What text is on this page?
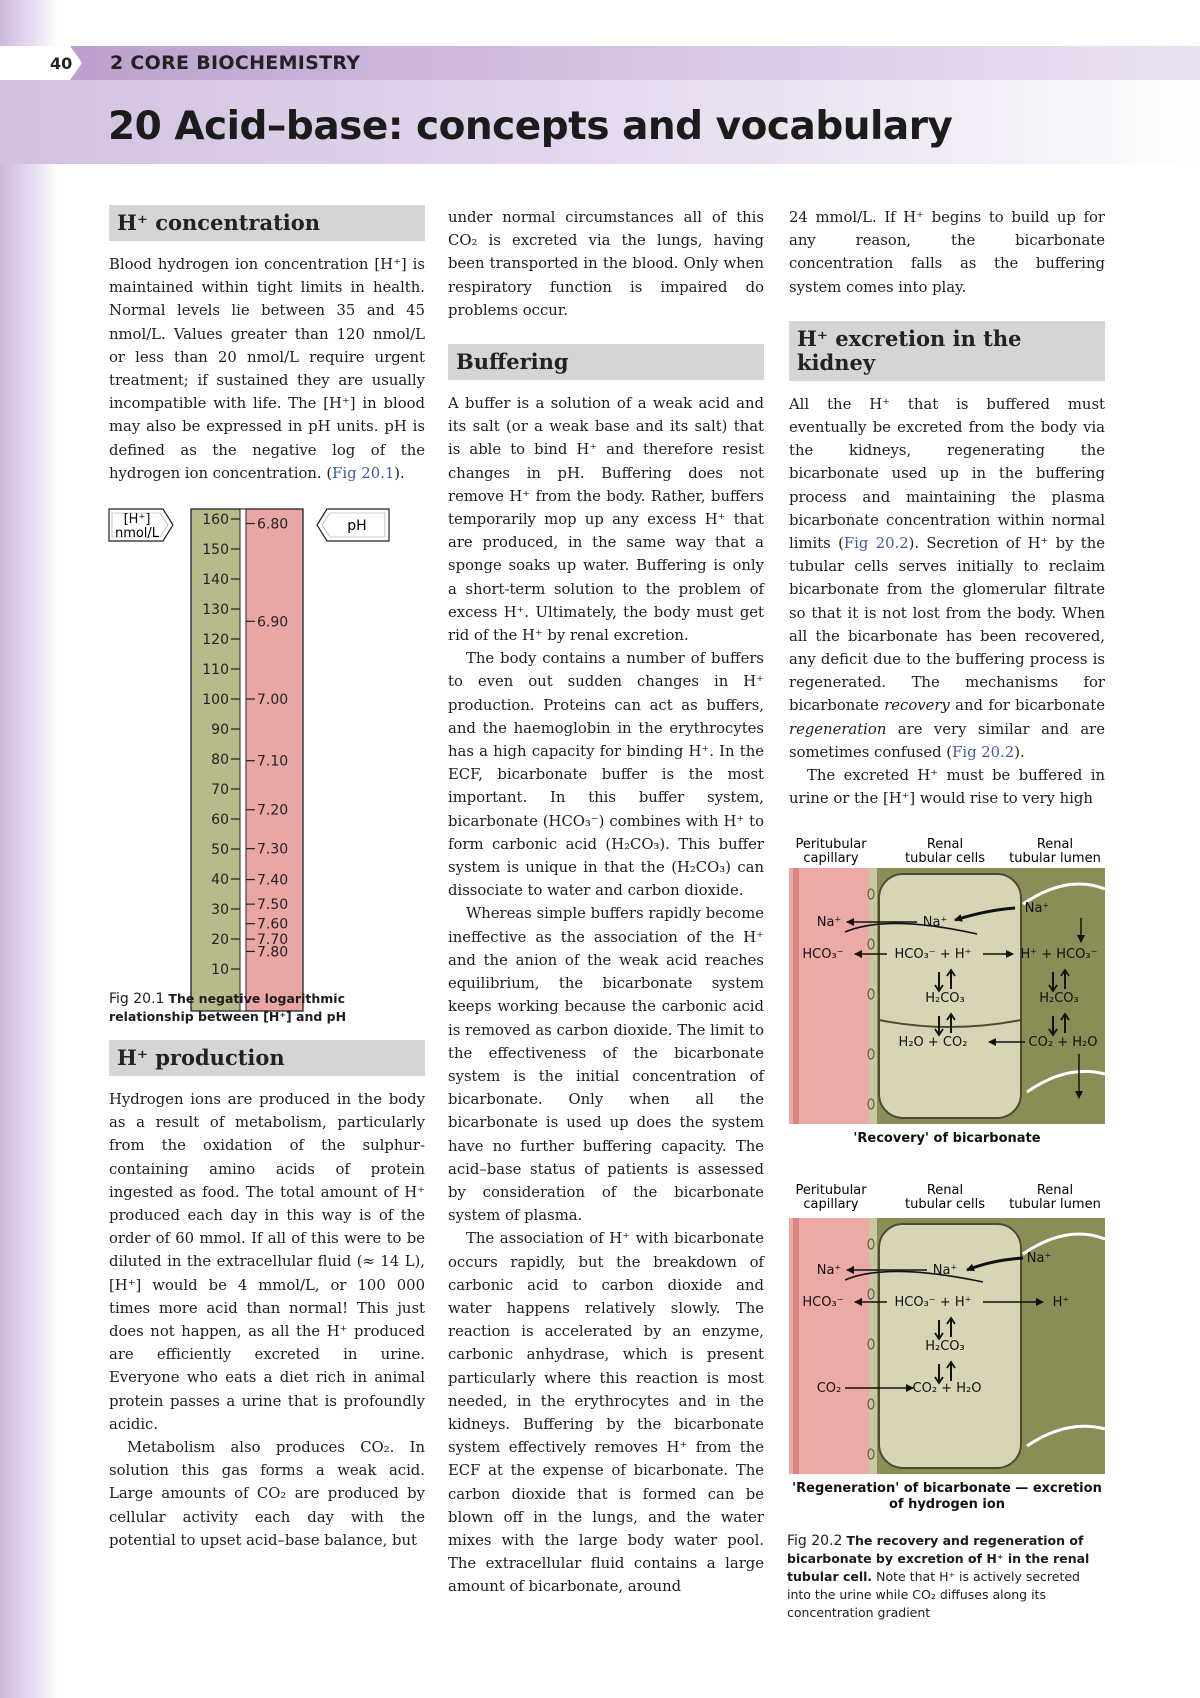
40 2 CORE BIOCHEMISTRY
20 Acid–base: concepts and vocabulary
H⁺ concentration

Blood hydrogen ion concentration [H⁺] is maintained within tight limits in health. Normal levels lie between 35 and 45 nmol/L. Values greater than 120 nmol/L or less than 20 nmol/L require urgent treatment; if sustained they are usually incompatible with life. The [H⁺] in blood may also be expressed in pH units. pH is defined as the negative log of the hydrogen ion concentration. (Fig 20.1).

[H⁺]
nmol/L	pH
160
150
140
130
120
110
100
90
80
70
60
50
40
30
20
10
6.80
6.90
7.00
7.10
7.20
7.30
7.40
7.50
7.60
7.70
7.80
Fig 20.1 The negative logarithmic relationship between [H⁺] and pH
H⁺ production

Hydrogen ions are produced in the body as a result of metabolism, particularly from the oxidation of the sulphur-containing amino acids of protein ingested as food. The total amount of H⁺ produced each day in this way is of the order of 60 mmol. If all of this were to be diluted in the extracellular fluid (≈ 14 L), [H⁺] would be 4 mmol/L, or 100 000 times more acid than normal! This just does not happen, as all the H⁺ produced are efficiently excreted in urine. Everyone who eats a diet rich in animal protein passes a urine that is profoundly acidic.

Metabolism also produces CO₂. In solution this gas forms a weak acid. Large amounts of CO₂ are produced by cellular activity each day with the potential to upset acid–base balance, but

under normal circumstances all of this CO₂ is excreted via the lungs, having been transported in the blood. Only when respiratory function is impaired do problems occur.

Buffering

A buffer is a solution of a weak acid and its salt (or a weak base and its salt) that is able to bind H⁺ and therefore resist changes in pH. Buffering does not remove H⁺ from the body. Rather, buffers temporarily mop up any excess H⁺ that are produced, in the same way that a sponge soaks up water. Buffering is only a short-term solution to the problem of excess H⁺. Ultimately, the body must get rid of the H⁺ by renal excretion.

The body contains a number of buffers to even out sudden changes in H⁺ production. Proteins can act as buffers, and the haemoglobin in the erythrocytes has a high capacity for binding H⁺. In the ECF, bicarbonate buffer is the most important. In this buffer system, bicarbonate (HCO₃⁻) combines with H⁺ to form carbonic acid (H₂CO₃). This buffer system is unique in that the (H₂CO₃) can dissociate to water and carbon dioxide.

Whereas simple buffers rapidly become ineffective as the association of the H⁺ and the anion of the weak acid reaches equilibrium, the bicarbonate system keeps working because the carbonic acid is removed as carbon dioxide. The limit to the effectiveness of the bicarbonate system is the initial concentration of bicarbonate. Only when all the bicarbonate is used up does the system have no further buffering capacity. The acid–base status of patients is assessed by consideration of the bicarbonate system of plasma.

The association of H⁺ with bicarbonate occurs rapidly, but the breakdown of carbonic acid to carbon dioxide and water happens relatively slowly. The reaction is accelerated by an enzyme, carbonic anhydrase, which is present particularly where this reaction is most needed, in the erythrocytes and in the kidneys. Buffering by the bicarbonate system effectively removes H⁺ from the ECF at the expense of bicarbonate. The carbon dioxide that is formed can be blown off in the lungs, and the water mixes with the large body water pool. The extracellular fluid contains a large amount of bicarbonate, around

24 mmol/L. If H⁺ begins to build up for any reason, the bicarbonate concentration falls as the buffering system comes into play.

H⁺ excretion in the
kidney

All the H⁺ that is buffered must eventually be excreted from the body via the kidneys, regenerating the bicarbonate used up in the buffering process and maintaining the plasma bicarbonate concentration within normal limits (Fig 20.2). Secretion of H⁺ by the tubular cells serves initially to reclaim bicarbonate from the glomerular filtrate so that it is not lost from the body. When all the bicarbonate has been recovered, any deficit due to the buffering process is regenerated. The mechanisms for bicarbonate recovery and for bicarbonate regeneration are very similar and are sometimes confused (Fig 20.2).

The excreted H⁺ must be buffered in urine or the [H⁺] would rise to very high

Peritubular
capillary
Renal
tubular cells
Renal
tubular lumen
Na⁺	Na⁺
Na⁺
HCO₃⁻	HCO₃⁻ + H⁺	H⁺ + HCO₃⁻
H₂CO₃	H₂CO₃
H₂O + CO₂	CO₂ + H₂O
'Recovery' of bicarbonate
Peritubular
capillary
Renal
tubular cells
Renal
tubular lumen
Na⁺	Na⁺
Na⁺
HCO₃⁻	HCO₃⁻ + H⁺	H⁺
H₂CO₃
CO₂	CO₂ + H₂O
'Regeneration' of bicarbonate — excretion
of hydrogen ion
Fig 20.2 The recovery and regeneration of bicarbonate by excretion of H⁺ in the renal tubular cell. Note that H⁺ is actively secreted into the urine while CO₂ diffuses along its concentration gradient
